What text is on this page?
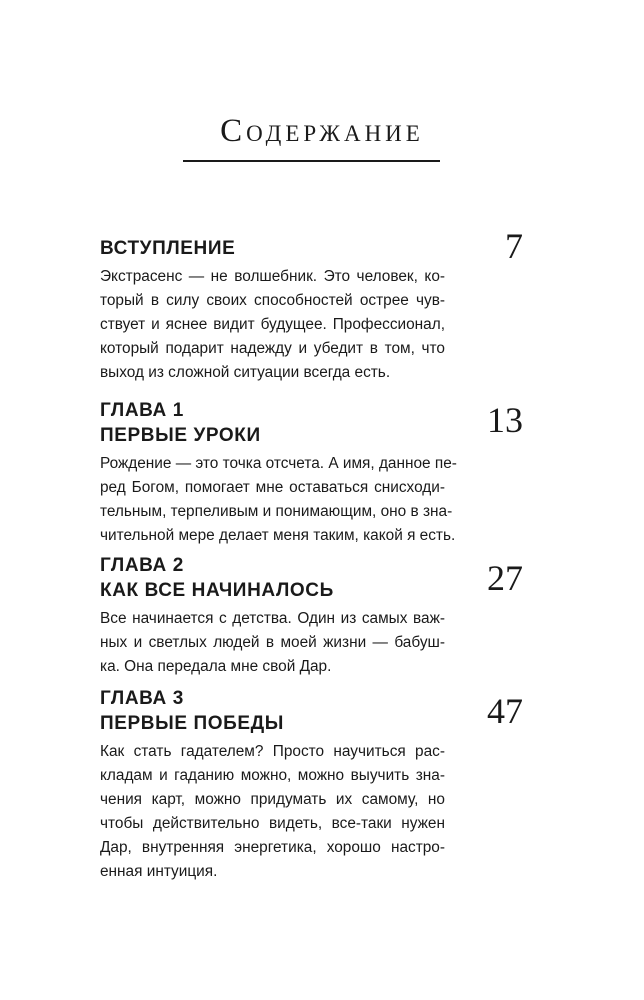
Содержание
ВСТУПЛЕНИЕ
Экстрасенс — не волшебник. Это человек, ко-
торый в силу своих способностей острее чув-
ствует и яснее видит будущее. Профессионал,
который подарит надежду и убедит в том, что
выход из сложной ситуации всегда есть.
7
ГЛАВА 1
ПЕРВЫЕ УРОКИ
Рождение — это точка отсчета. А имя, данное пе-
ред Богом, помогает мне оставаться снисходи-
тельным, терпеливым и понимающим, оно в зна-
чительной мере делает меня таким, какой я есть.
13
ГЛАВА 2
КАК ВСЕ НАЧИНАЛОСЬ
Все начинается с детства. Один из самых важ-
ных и светлых людей в моей жизни — бабуш-
ка. Она передала мне свой Дар.
27
ГЛАВА 3
ПЕРВЫЕ ПОБЕДЫ
Как стать гадателем? Просто научиться рас-
кладам и гаданию можно, можно выучить зна-
чения карт, можно придумать их самому, но
чтобы действительно видеть, все-таки нужен
Дар, внутренняя энергетика, хорошо настро-
енная интуиция.
47
